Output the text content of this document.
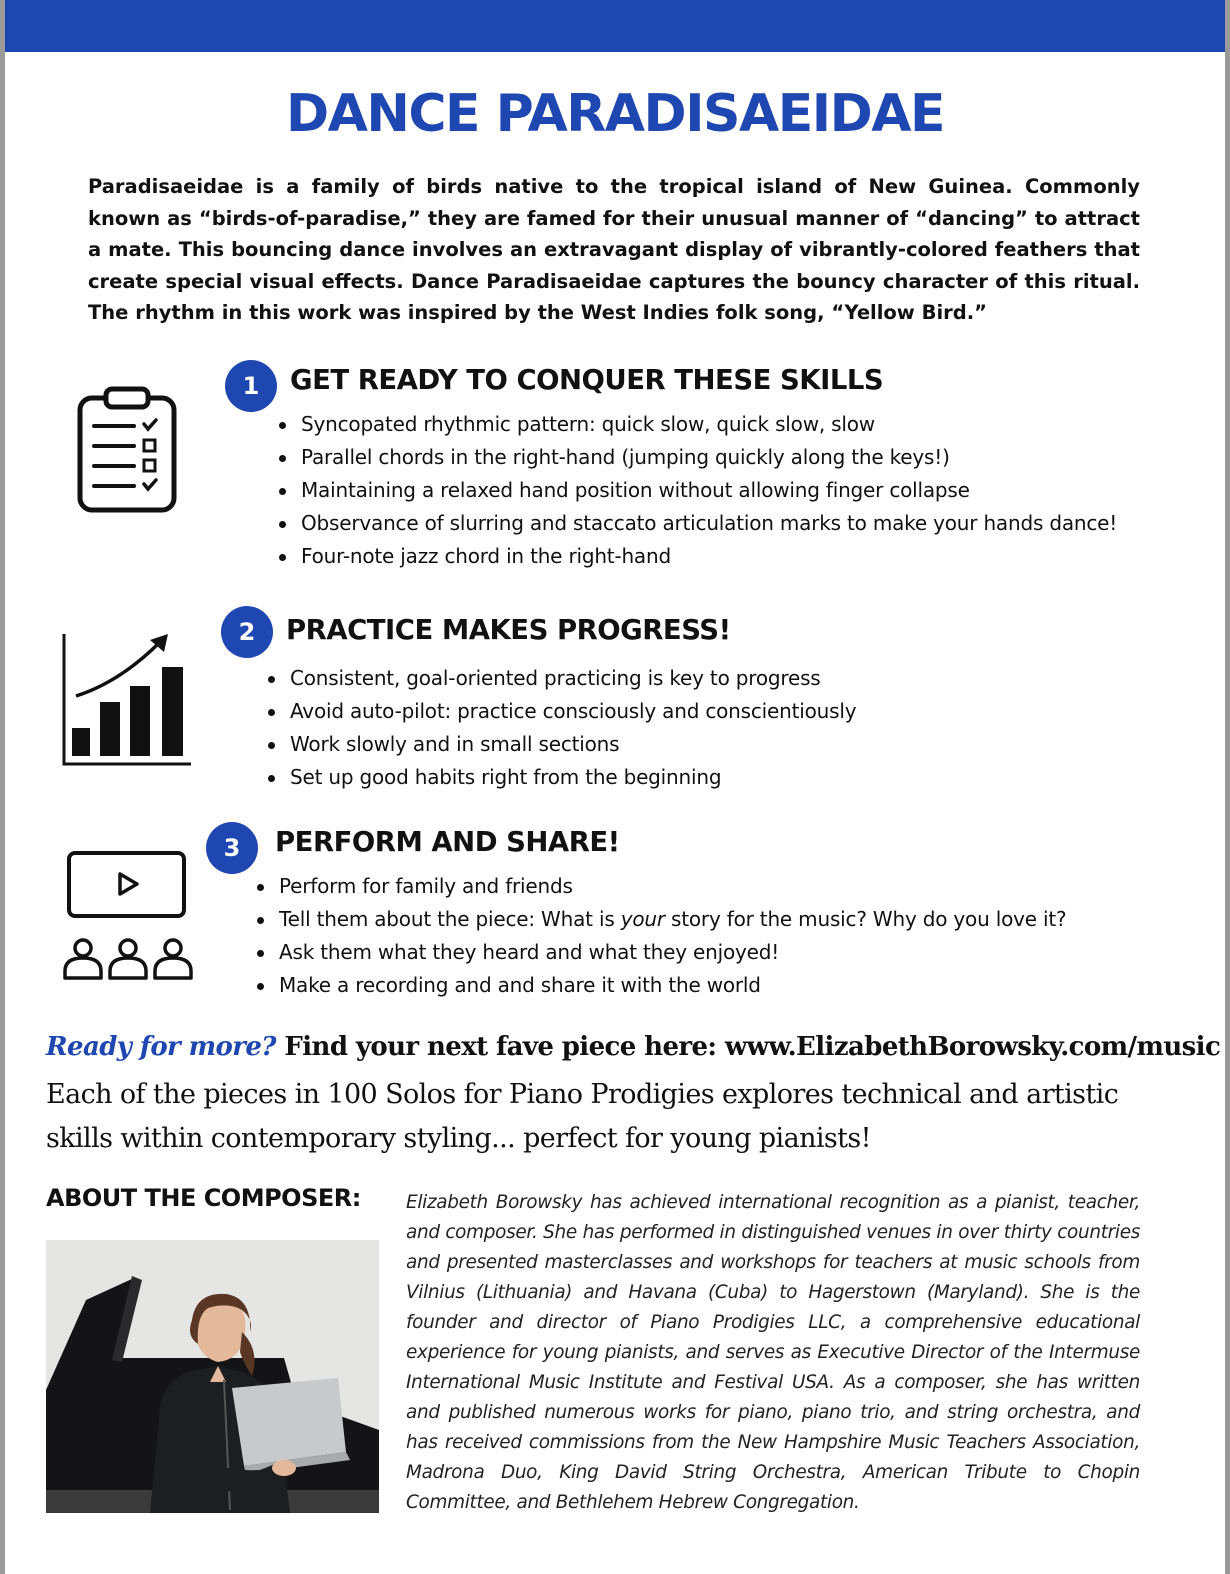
DANCE PARADISAEIDAE

Paradisaeidae is a family of birds native to the tropical island of New Guinea. Commonly known as “birds-of-paradise,” they are famed for their unusual manner of “dancing” to attract a mate. This bouncing dance involves an extravagant display of vibrantly-colored feathers that create special visual effects. Dance Paradisaeidae captures the bouncy character of this ritual. The rhythm in this work was inspired by the West Indies folk song, “Yellow Bird.”

1	GET READY TO CONQUER THESE SKILLS
Syncopated rhythmic pattern: quick slow, quick slow, slow
Parallel chords in the right-hand (jumping quickly along the keys!)
Maintaining a relaxed hand position without allowing finger collapse
Observance of slurring and staccato articulation marks to make your hands dance!
Four-note jazz chord in the right-hand
2	PRACTICE MAKES PROGRESS!
Consistent, goal-oriented practicing is key to progress
Avoid auto-pilot: practice consciously and conscientiously
Work slowly and in small sections
Set up good habits right from the beginning
3	PERFORM AND SHARE!
Perform for family and friends
Tell them about the piece: What is your story for the music? Why do you love it?
Ask them what they heard and what they enjoyed!
Make a recording and and share it with the world
Ready for more? Find your next fave piece here: www.ElizabethBorowsky.com/music
Each of the pieces in 100 Solos for Piano Prodigies explores technical and artistic skills within contemporary styling... perfect for young pianists!
ABOUT THE COMPOSER: Elizabeth Borowsky has achieved international recognition as a pianist, teacher, and composer. She has performed in distinguished venues in over thirty countries and presented masterclasses and workshops for teachers at music schools from Vilnius (Lithuania) and Havana (Cuba) to Hagerstown (Maryland). She is the founder and director of Piano Prodigies LLC, a comprehensive educational experience for young pianists, and serves as Executive Director of the Intermuse International Music Institute and Festival USA. As a composer, she has written and published numerous works for piano, piano trio, and string orchestra, and has received commissions from the New Hampshire Music Teachers Association, Madrona Duo, King David String Orchestra, American Tribute to Chopin Committee, and Bethlehem Hebrew Congregation.
